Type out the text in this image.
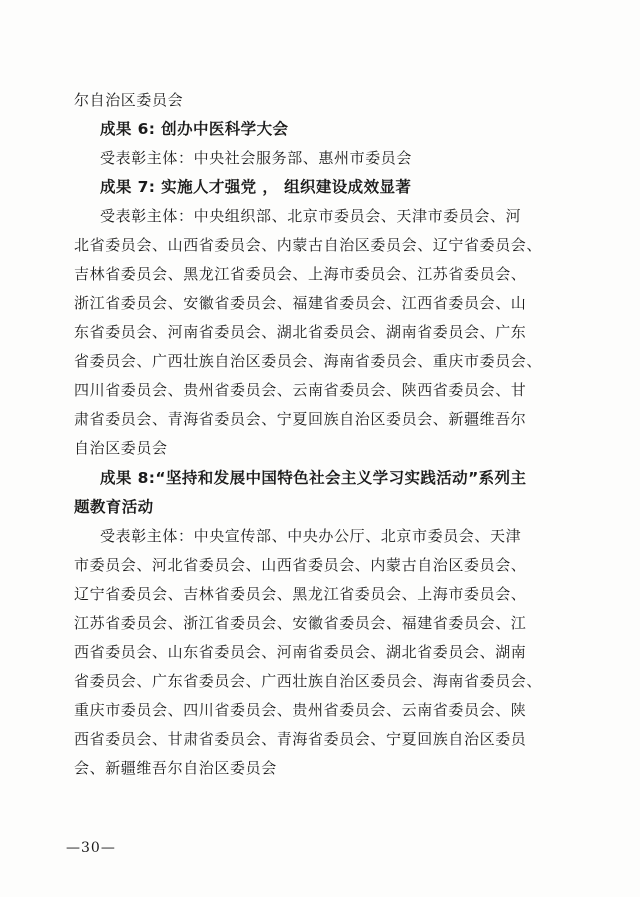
尔自治区委员会
成果 6: 创办中医科学大会
受表彰主体：中央社会服务部、惠州市委员会
成果 7: 实施人才强党 ， 组织建设成效显著
受表彰主体：中央组织部、北京市委员会、天津市委员会、河
北省委员会、山西省委员会、内蒙古自治区委员会、辽宁省委员会、
吉林省委员会、黑龙江省委员会、上海市委员会、江苏省委员会、
浙江省委员会、安徽省委员会、福建省委员会、江西省委员会、山
东省委员会、河南省委员会、湖北省委员会、湖南省委员会、广东
省委员会、广西壮族自治区委员会、海南省委员会、重庆市委员会、
四川省委员会、贵州省委员会、云南省委员会、陕西省委员会、甘
肃省委员会、青海省委员会、宁夏回族自治区委员会、新疆维吾尔
自治区委员会
成果 8:“坚持和发展中国特色社会主义学习实践活动”系列主
题教育活动
受表彰主体：中央宣传部、中央办公厅、北京市委员会、天津
市委员会、河北省委员会、山西省委员会、内蒙古自治区委员会、
辽宁省委员会、吉林省委员会、黑龙江省委员会、上海市委员会、
江苏省委员会、浙江省委员会、安徽省委员会、福建省委员会、江
西省委员会、山东省委员会、河南省委员会、湖北省委员会、湖南
省委员会、广东省委员会、广西壮族自治区委员会、海南省委员会、
重庆市委员会、四川省委员会、贵州省委员会、云南省委员会、陕
西省委员会、甘肃省委员会、青海省委员会、宁夏回族自治区委员
会、新疆维吾尔自治区委员会
—30—
